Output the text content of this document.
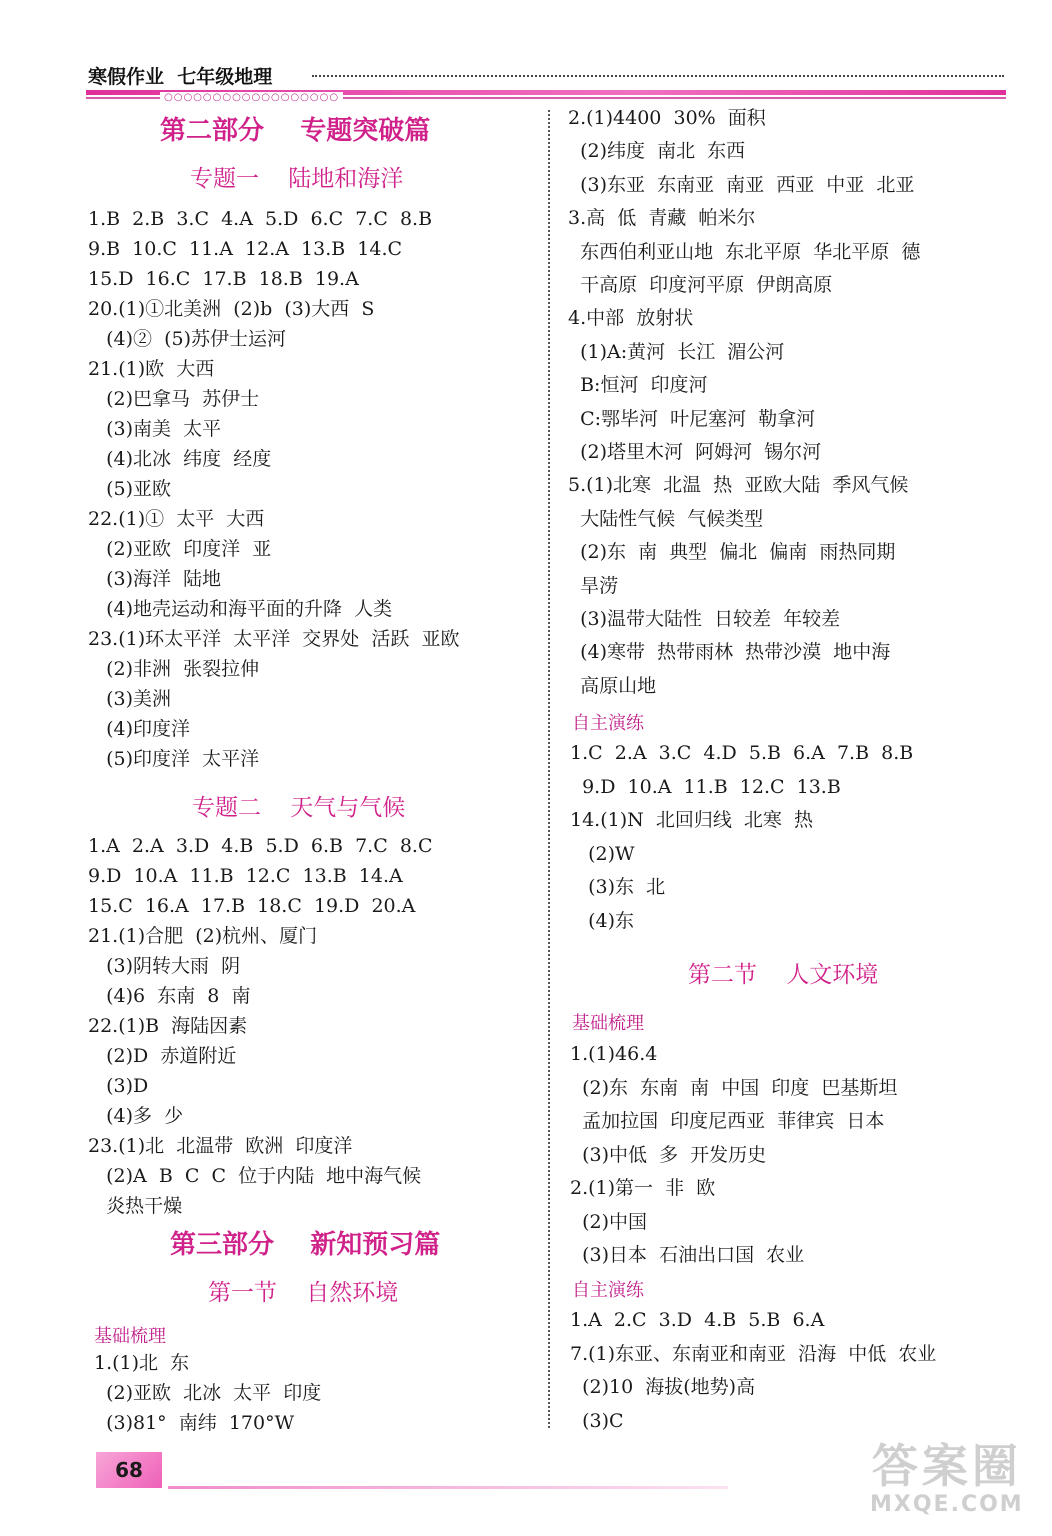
寒假作业  七年级地理
○○○○○○○○○○○○○○○○○○
第二部分    专题突破篇
专题一    陆地和海洋
1.B  2.B  3.C  4.A  5.D  6.C  7.C  8.B
9.B  10.C  11.A  12.A  13.B  14.C
15.D  16.C  17.B  18.B  19.A
20.(1)①北美洲  (2)b  (3)大西  S
(4)②  (5)苏伊士运河
21.(1)欧  大西
(2)巴拿马  苏伊士
(3)南美  太平
(4)北冰  纬度  经度
(5)亚欧
22.(1)①  太平  大西
(2)亚欧  印度洋  亚
(3)海洋  陆地
(4)地壳运动和海平面的升降  人类
23.(1)环太平洋  太平洋  交界处  活跃  亚欧
(2)非洲  张裂拉伸
(3)美洲
(4)印度洋
(5)印度洋  太平洋
专题二    天气与气候
1.A  2.A  3.D  4.B  5.D  6.B  7.C  8.C
9.D  10.A  11.B  12.C  13.B  14.A
15.C  16.A  17.B  18.C  19.D  20.A
21.(1)合肥  (2)杭州、厦门
(3)阴转大雨  阴
(4)6  东南  8  南
22.(1)B  海陆因素
(2)D  赤道附近
(3)D
(4)多  少
23.(1)北  北温带  欧洲  印度洋
(2)A  B  C  C  位于内陆  地中海气候
炎热干燥
第三部分    新知预习篇
第一节    自然环境
基础梳理
1.(1)北  东
(2)亚欧  北冰  太平  印度
(3)81°  南纬  170°W
2.(1)4400  30%  面积
(2)纬度  南北  东西
(3)东亚  东南亚  南亚  西亚  中亚  北亚
3.高  低  青藏  帕米尔
东西伯利亚山地  东北平原  华北平原  德
干高原  印度河平原  伊朗高原
4.中部  放射状
(1)A:黄河  长江  湄公河
B:恒河  印度河
C:鄂毕河  叶尼塞河  勒拿河
(2)塔里木河  阿姆河  锡尔河
5.(1)北寒  北温  热  亚欧大陆  季风气候
大陆性气候  气候类型
(2)东  南  典型  偏北  偏南  雨热同期
旱涝
(3)温带大陆性  日较差  年较差
(4)寒带  热带雨林  热带沙漠  地中海
高原山地
自主演练
1.C  2.A  3.C  4.D  5.B  6.A  7.B  8.B
9.D  10.A  11.B  12.C  13.B
14.(1)N  北回归线  北寒  热
(2)W
(3)东  北
(4)东
第二节    人文环境
基础梳理
1.(1)46.4
(2)东  东南  南  中国  印度  巴基斯坦
孟加拉国  印度尼西亚  菲律宾  日本
(3)中低  多  开发历史
2.(1)第一  非  欧
(2)中国
(3)日本  石油出口国  农业
自主演练
1.A  2.C  3.D  4.B  5.B  6.A
7.(1)东亚、东南亚和南亚  沿海  中低  农业
(2)10  海拔(地势)高
(3)C
68	答案圈
MXQE.COM
